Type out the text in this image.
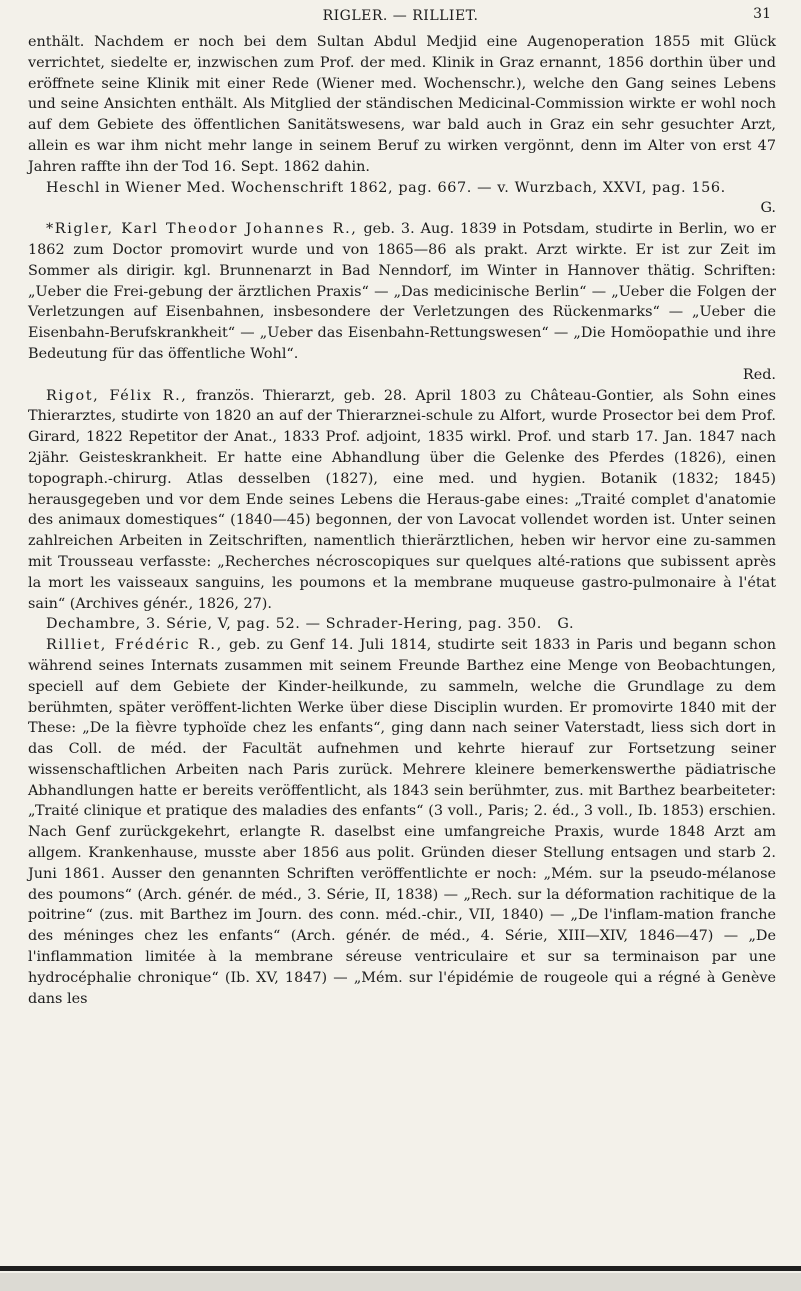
RIGLER. — RILLIET.	31

enthält. Nachdem er noch bei dem Sultan Abdul Medjid eine Augenoperation 1855 mit Glück verrichtet, siedelte er, inzwischen zum Prof. der med. Klinik in Graz ernannt, 1856 dorthin über und eröffnete seine Klinik mit einer Rede (Wiener med. Wochenschr.), welche den Gang seines Lebens und seine Ansichten enthält. Als Mitglied der ständischen Medicinal-Commission wirkte er wohl noch auf dem Gebiete des öffentlichen Sanitätswesens, war bald auch in Graz ein sehr gesuchter Arzt, allein es war ihm nicht mehr lange in seinem Beruf zu wirken vergönnt, denn im Alter von erst 47 Jahren raffte ihn der Tod 16. Sept. 1862 dahin.

Heschl in Wiener Med. Wochenschrift 1862, pag. 667. — v. Wurzbach, XXVI, pag. 156.

G.

*Rigler, Karl Theodor Johannes R., geb. 3. Aug. 1839 in Potsdam, studirte in Berlin, wo er 1862 zum Doctor promovirt wurde und von 1865—86 als prakt. Arzt wirkte. Er ist zur Zeit im Sommer als dirigir. kgl. Brunnenarzt in Bad Nenndorf, im Winter in Hannover thätig. Schriften: „Ueber die Frei-gebung der ärztlichen Praxis“ — „Das medicinische Berlin“ — „Ueber die Folgen der Verletzungen auf Eisenbahnen, insbesondere der Verletzungen des Rückenmarks“ — „Ueber die Eisenbahn-Berufskrankheit“ — „Ueber das Eisenbahn-Rettungswesen“ — „Die Homöopathie und ihre Bedeutung für das öffentliche Wohl“.

Red.

Rigot, Félix R., französ. Thierarzt, geb. 28. April 1803 zu Château-Gontier, als Sohn eines Thierarztes, studirte von 1820 an auf der Thierarznei-schule zu Alfort, wurde Prosector bei dem Prof. Girard, 1822 Repetitor der Anat., 1833 Prof. adjoint, 1835 wirkl. Prof. und starb 17. Jan. 1847 nach 2jähr. Geisteskrankheit. Er hatte eine Abhandlung über die Gelenke des Pferdes (1826), einen topograph.-chirurg. Atlas desselben (1827), eine med. und hygien. Botanik (1832; 1845) herausgegeben und vor dem Ende seines Lebens die Heraus-gabe eines: „Traité complet d'anatomie des animaux domestiques“ (1840—45) begonnen, der von Lavocat vollendet worden ist. Unter seinen zahlreichen Arbeiten in Zeitschriften, namentlich thierärztlichen, heben wir hervor eine zu-sammen mit Trousseau verfasste: „Recherches nécroscopiques sur quelques alté-rations que subissent après la mort les vaisseaux sanguins, les poumons et la membrane muqueuse gastro-pulmonaire à l'état sain“ (Archives génér., 1826, 27).

Dechambre, 3. Série, V, pag. 52. — Schrader-Hering, pag. 350. G.

Rilliet, Frédéric R., geb. zu Genf 14. Juli 1814, studirte seit 1833 in Paris und begann schon während seines Internats zusammen mit seinem Freunde Barthez eine Menge von Beobachtungen, speciell auf dem Gebiete der Kinder-heilkunde, zu sammeln, welche die Grundlage zu dem berühmten, später veröffent-lichten Werke über diese Disciplin wurden. Er promovirte 1840 mit der These: „De la fièvre typhoïde chez les enfants“, ging dann nach seiner Vaterstadt, liess sich dort in das Coll. de méd. der Facultät aufnehmen und kehrte hierauf zur Fortsetzung seiner wissenschaftlichen Arbeiten nach Paris zurück. Mehrere kleinere bemerkenswerthe pädiatrische Abhandlungen hatte er bereits veröffentlicht, als 1843 sein berühmter, zus. mit Barthez bearbeiteter: „Traité clinique et pratique des maladies des enfants“ (3 voll., Paris; 2. éd., 3 voll., Ib. 1853) erschien. Nach Genf zurückgekehrt, erlangte R. daselbst eine umfangreiche Praxis, wurde 1848 Arzt am allgem. Krankenhause, musste aber 1856 aus polit. Gründen dieser Stellung entsagen und starb 2. Juni 1861. Ausser den genannten Schriften veröffentlichte er noch: „Mém. sur la pseudo-mélanose des poumons“ (Arch. génér. de méd., 3. Série, II, 1838) — „Rech. sur la déformation rachitique de la poitrine“ (zus. mit Barthez im Journ. des conn. méd.-chir., VII, 1840) — „De l'inflam-mation franche des méninges chez les enfants“ (Arch. génér. de méd., 4. Série, XIII—XIV, 1846—47) — „De l'inflammation limitée à la membrane séreuse ventriculaire et sur sa terminaison par une hydrocéphalie chronique“ (Ib. XV, 1847) — „Mém. sur l'épidémie de rougeole qui a régné à Genève dans les
